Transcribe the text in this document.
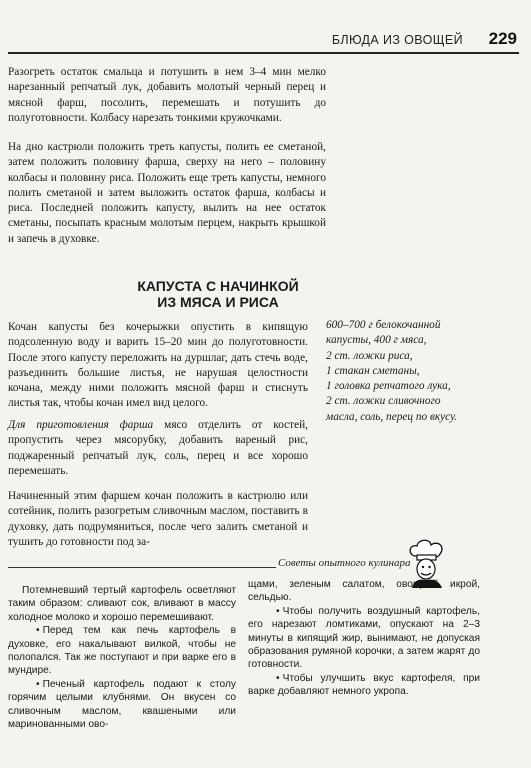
БЛЮДА ИЗ ОВОЩЕЙ 229

Разогреть остаток смальца и потушить в нем 3–4 мин мелко нарезанный репчатый лук, добавить молотый черный перец и мясной фарш, посолить, перемешать и потушить до полуготовности. Колбасу нарезать тонкими кружочками.

На дно кастрюли положить треть капусты, полить ее сметаной, затем положить половину фарша, сверху на него – половину колбасы и половину риса. Положить еще треть капусты, немного полить сметаной и затем выложить остаток фарша, колбасы и риса. Последней положить капусту, вылить на нее остаток сметаны, посыпать красным молотым перцем, накрыть крышкой и запечь в духовке.

КАПУСТА С НАЧИНКОЙ
ИЗ МЯСА И РИСА
600–700 г белокочанной
капусты, 400 г мяса,
2 ст. ложки риса,
1 стакан сметаны,
1 головка репчатого лука,
2 ст. ложки сливочного
масла, соль, перец по вкусу.

Кочан капусты без кочерыжки опустить в кипящую подсоленную воду и варить 15–20 мин до полуготовности. После этого капусту переложить на дуршлаг, дать стечь воде, разъединить большие листья, не нарушая целостности кочана, между ними положить мясной фарш и стиснуть листья так, чтобы кочан имел вид целого.

Для приготовления фарша мясо отделить от костей, пропустить через мясорубку, добавить вареный рис, поджаренный репчатый лук, соль, перец и все хорошо перемешать.

Начиненный этим фаршем кочан положить в кастрюлю или сотейник, полить разогретым сливочным маслом, поставить в духовку, дать подрумяниться, после чего залить сметаной и тушить до готовности под за-

Советы опытного кулинара

Потемневший тертый картофель осветляют таким образом: сливают сок, вливают в массу холодное молоко и хорошо перемешивают.

• Перед тем как печь картофель в духовке, его накалывают вилкой, чтобы не полопался. Так же поступают и при варке его в мундире.

• Печеный картофель подают к столу горячим целыми клубнями. Он вкусен со сливочным маслом, квашеными или маринованными ово-

щами, зеленым салатом, овощной икрой, сельдью.

• Чтобы получить воздушный картофель, его нарезают ломтиками, опускают на 2–3 минуты в кипящий жир, вынимают, не допуская образования румяной корочки, а затем жарят до готовности.

• Чтобы улучшить вкус картофеля, при варке добавляют немного укропа.
